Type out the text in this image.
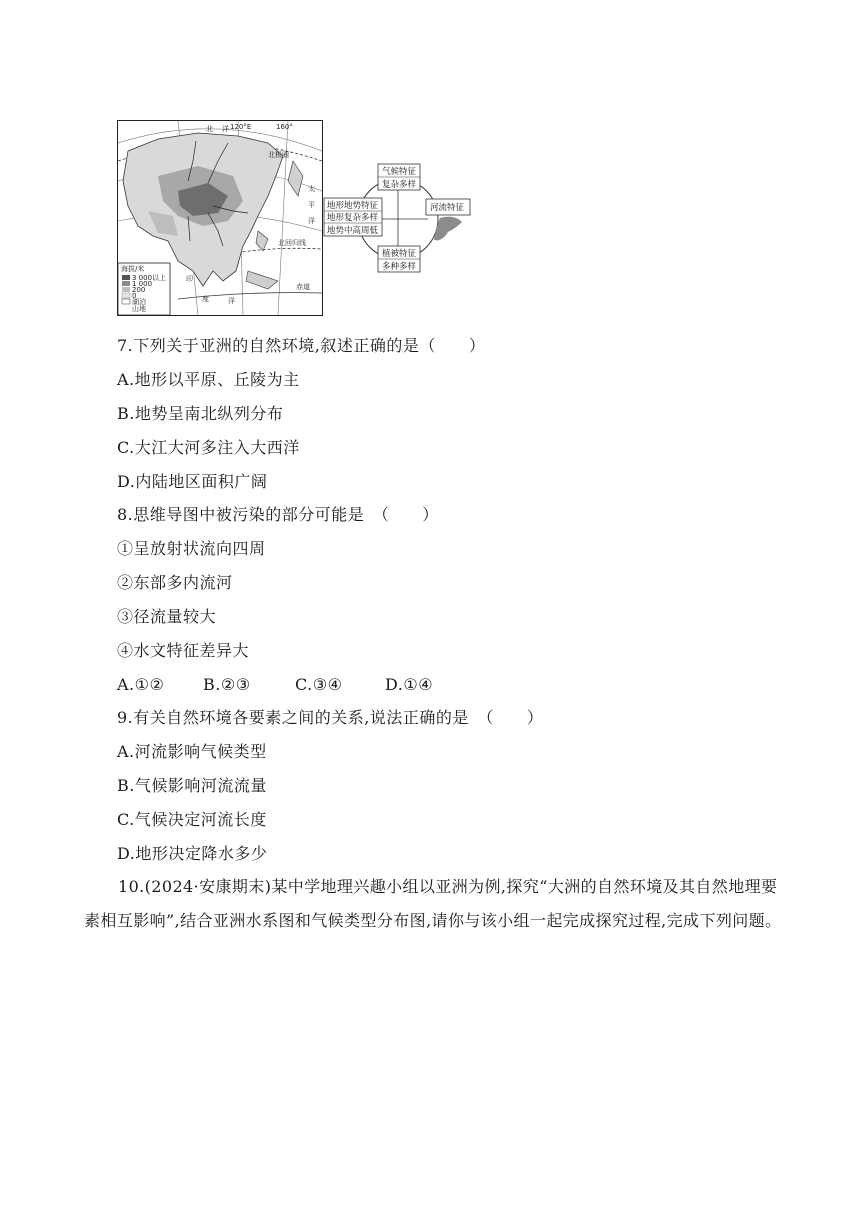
北 洋 120°E	160°
北极圈
太
平
洋
北回归线
赤道
印
度	洋
海拔/米
3 000以上
1 000
200
0
湖泊
山地
气候特征
复杂多样
地形地势特征
地形复杂多样
地势中高周低
河流特征
植被特征
多种多样
7.下列关于亚洲的自然环境,叙述正确的是（　　）
A.地形以平原、丘陵为主
B.地势呈南北纵列分布
C.大江大河多注入大西洋
D.内陆地区面积广阔
8.思维导图中被污染的部分可能是　（　　）
①呈放射状流向四周
②东部多内流河
③径流量较大
④水文特征差异大
A.①② B.②③	C.③④	D.①④
9.有关自然环境各要素之间的关系,说法正确的是　（　　）
A.河流影响气候类型
B.气候影响河流流量
C.气候决定河流长度
D.地形决定降水多少
10.(2024·安康期末)某中学地理兴趣小组以亚洲为例,探究“大洲的自然环境及其自然地理要素相互影响”,结合亚洲水系图和气候类型分布图,请你与该小组一起完成探究过程,完成下列问题。
